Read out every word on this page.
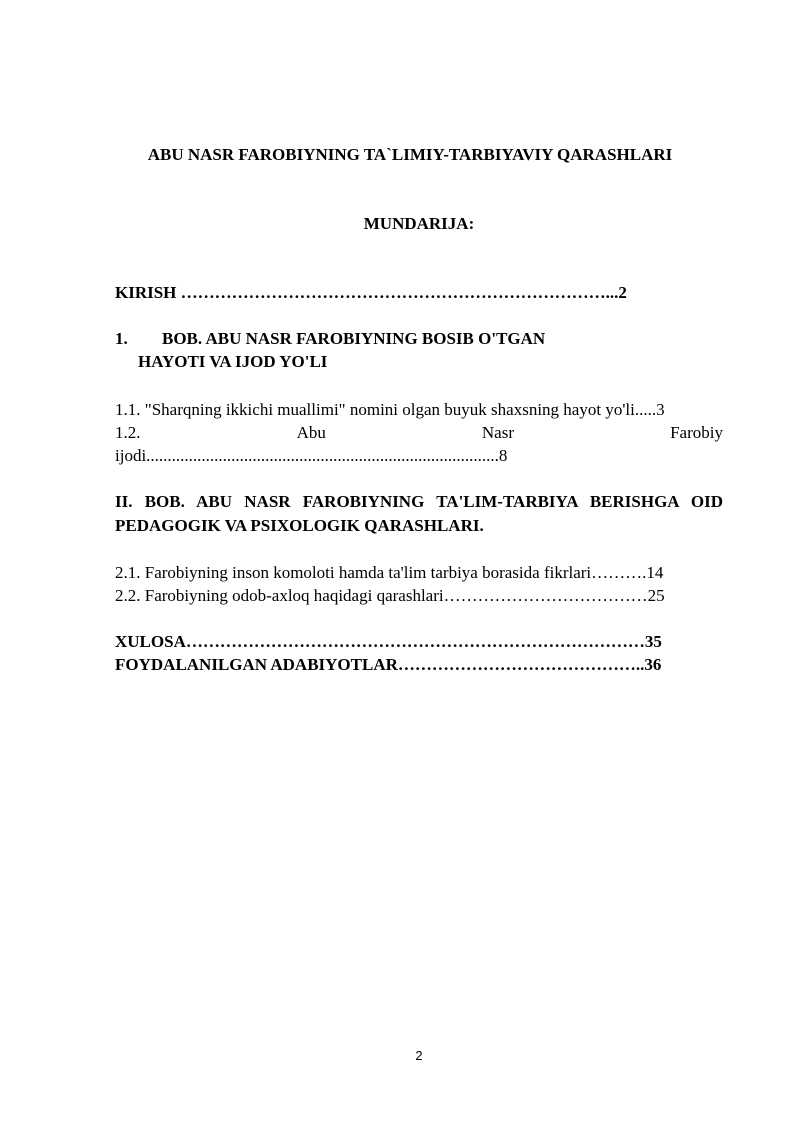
ABU NASR FAROBIYNING TA`LIMIY-TARBIYAVIY QARASHLARI
MUNDARIJA:
KIRISH …………………………………………………………………...2
1. BOB. ABU NASR FAROBIYNING BOSIB O'TGAN
HAYOTI VA IJOD YO'LI
1.1. "Sharqning ikkichi muallimi" nomini olgan buyuk shaxsning hayot yo'li.....3
1.2.	Abu	Nasr	Farobiy
ijodi...................................................................................8
II. BOB. ABU NASR FAROBIYNING TA'LIM-TARBIYA BERISHGA OID PEDAGOGIK VA PSIXOLOGIK QARASHLARI.
2.1. Farobiyning inson komoloti hamda ta'lim tarbiya borasida fikrlari……….14
2.2. Farobiyning odob-axloq haqidagi qarashlari………………………………25
XULOSA………………………………………………………………………35
FOYDALANILGAN ADABIYOTLAR……………………………………..36
2
